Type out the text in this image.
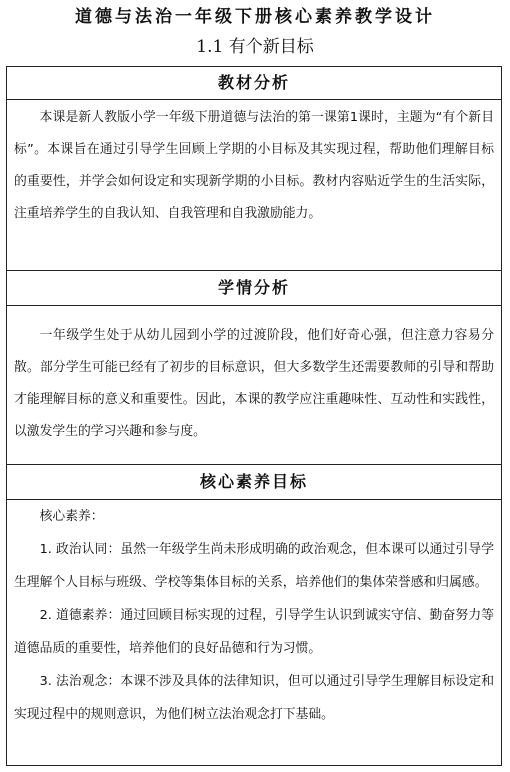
道德与法治一年级下册核心素养教学设计
1.1 有个新目标
教材分析

本课是新人教版小学一年级下册道德与法治的第一课第1课时，主题为“有个新目标”。本课旨在通过引导学生回顾上学期的小目标及其实现过程，帮助他们理解目标的重要性，并学会如何设定和实现新学期的小目标。教材内容贴近学生的生活实际，注重培养学生的自我认知、自我管理和自我激励能力。

学情分析

一年级学生处于从幼儿园到小学的过渡阶段，他们好奇心强，但注意力容易分散。部分学生可能已经有了初步的目标意识，但大多数学生还需要教师的引导和帮助才能理解目标的意义和重要性。因此，本课的教学应注重趣味性、互动性和实践性，以激发学生的学习兴趣和参与度。

核心素养目标

核心素养：

1. 政治认同：虽然一年级学生尚未形成明确的政治观念，但本课可以通过引导学生理解个人目标与班级、学校等集体目标的关系，培养他们的集体荣誉感和归属感。

2. 道德素养：通过回顾目标实现的过程，引导学生认识到诚实守信、勤奋努力等道德品质的重要性，培养他们的良好品德和行为习惯。

3. 法治观念：本课不涉及具体的法律知识，但可以通过引导学生理解目标设定和实现过程中的规则意识，为他们树立法治观念打下基础。
